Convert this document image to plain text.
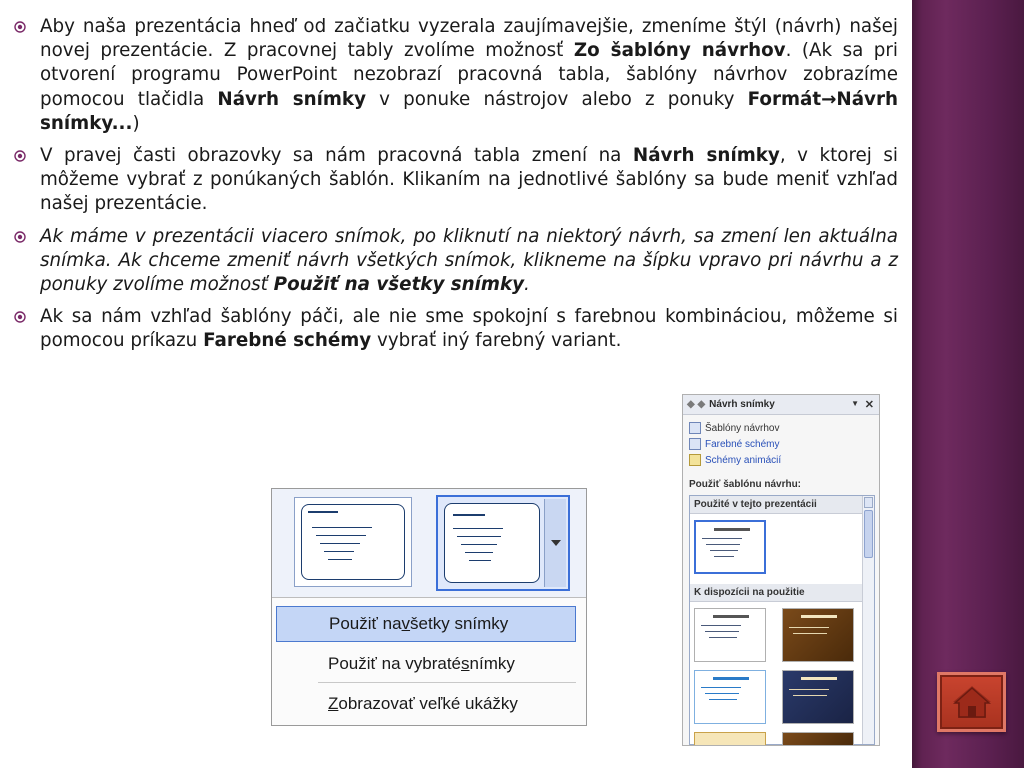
Aby naša prezentácia hneď od začiatku vyzerala zaujímavejšie, zmeníme štýl (návrh) našej novej prezentácie. Z pracovnej tably zvolíme možnosť Zo šablóny návrhov. (Ak sa pri otvorení programu PowerPoint nezobrazí pracovná tabla, šablóny návrhov zobrazíme pomocou tlačidla Návrh snímky v ponuke nástrojov alebo z ponuky Formát→Návrh snímky...)
V pravej časti obrazovky sa nám pracovná tabla zmení na Návrh snímky, v ktorej si môžeme vybrať z ponúkaných šablón. Klikaním na jednotlivé šablóny sa bude meniť vzhľad našej prezentácie.
Ak máme v prezentácii viacero snímok, po kliknutí na niektorý návrh, sa zmení len aktuálna snímka. Ak chceme zmeniť návrh všetkých snímok, klikneme na šípku vpravo pri návrhu a z ponuky zvolíme možnosť Použiť na všetky snímky.
Ak sa nám vzhľad šablóny páči, ale nie sme spokojní s farebnou kombináciou, môžeme si pomocou príkazu Farebné schémy vybrať iný farebný variant.
Použiť na v šetky snímky
Použiť na vybraté s nímky
Z obrazovať veľké ukážky
◆ ◆ Návrh snímky	▼ ✕
Šablóny návrhov
Farebné schémy
Schémy animácií
Použiť šablónu návrhu:
Použité v tejto prezentácii
K dispozícii na použitie
